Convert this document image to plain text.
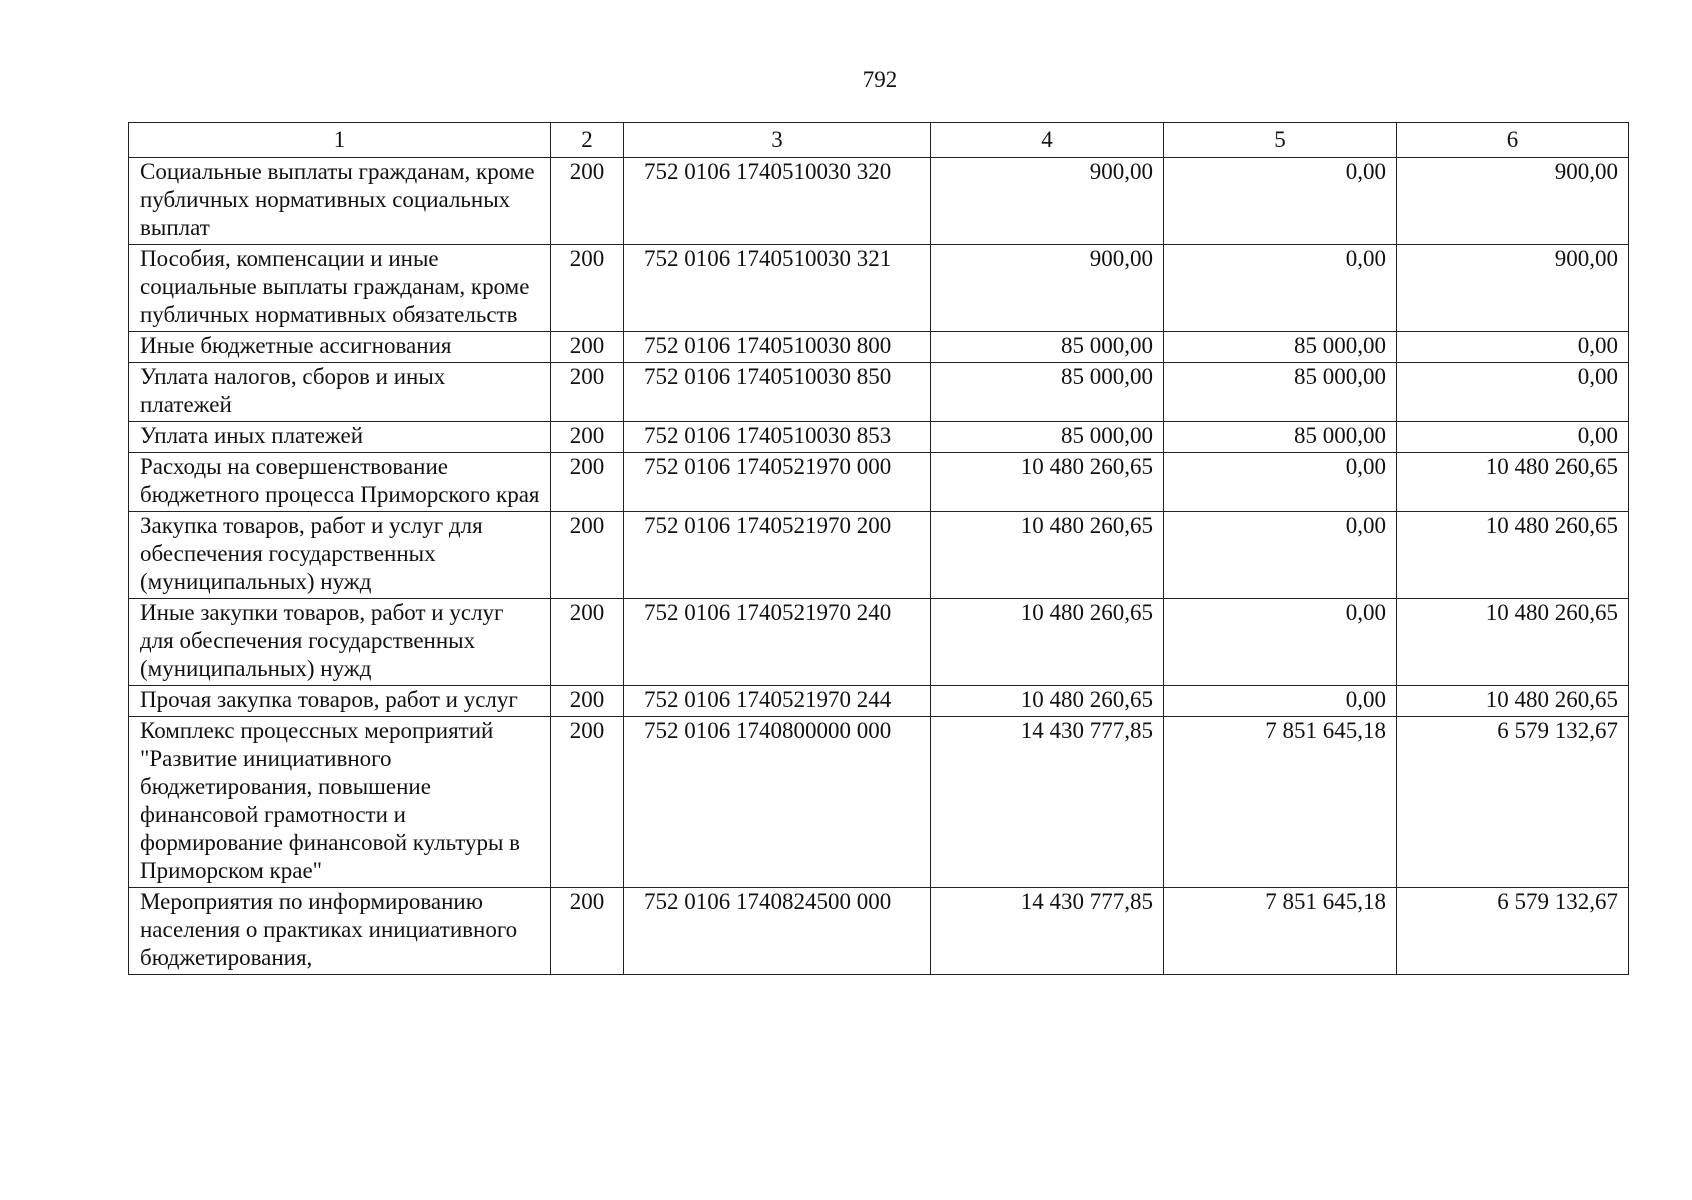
792
1	2	3	4	5	6
Социальные выплаты гражданам, кроме публичных нормативных социальных выплат	200	752 0106 1740510030 320	900,00	0,00	900,00
Пособия, компенсации и иные социальные выплаты гражданам, кроме публичных нормативных обязательств	200	752 0106 1740510030 321	900,00	0,00	900,00
Иные бюджетные ассигнования	200	752 0106 1740510030 800	85 000,00	85 000,00	0,00
Уплата налогов, сборов и иных платежей	200	752 0106 1740510030 850	85 000,00	85 000,00	0,00
Уплата иных платежей	200	752 0106 1740510030 853	85 000,00	85 000,00	0,00
Расходы на совершенствование бюджетного процесса Приморского края	200	752 0106 1740521970 000	10 480 260,65	0,00	10 480 260,65
Закупка товаров, работ и услуг для обеспечения государственных (муниципальных) нужд	200	752 0106 1740521970 200	10 480 260,65	0,00	10 480 260,65
Иные закупки товаров, работ и услуг для обеспечения государственных (муниципальных) нужд	200	752 0106 1740521970 240	10 480 260,65	0,00	10 480 260,65
Прочая закупка товаров, работ и услуг	200	752 0106 1740521970 244	10 480 260,65	0,00	10 480 260,65
Комплекс процессных мероприятий "Развитие инициативного бюджетирования, повышение финансовой грамотности и формирование финансовой культуры в Приморском крае"	200	752 0106 1740800000 000	14 430 777,85	7 851 645,18	6 579 132,67
Мероприятия по информированию населения о практиках инициативного бюджетирования,	200	752 0106 1740824500 000	14 430 777,85	7 851 645,18	6 579 132,67
